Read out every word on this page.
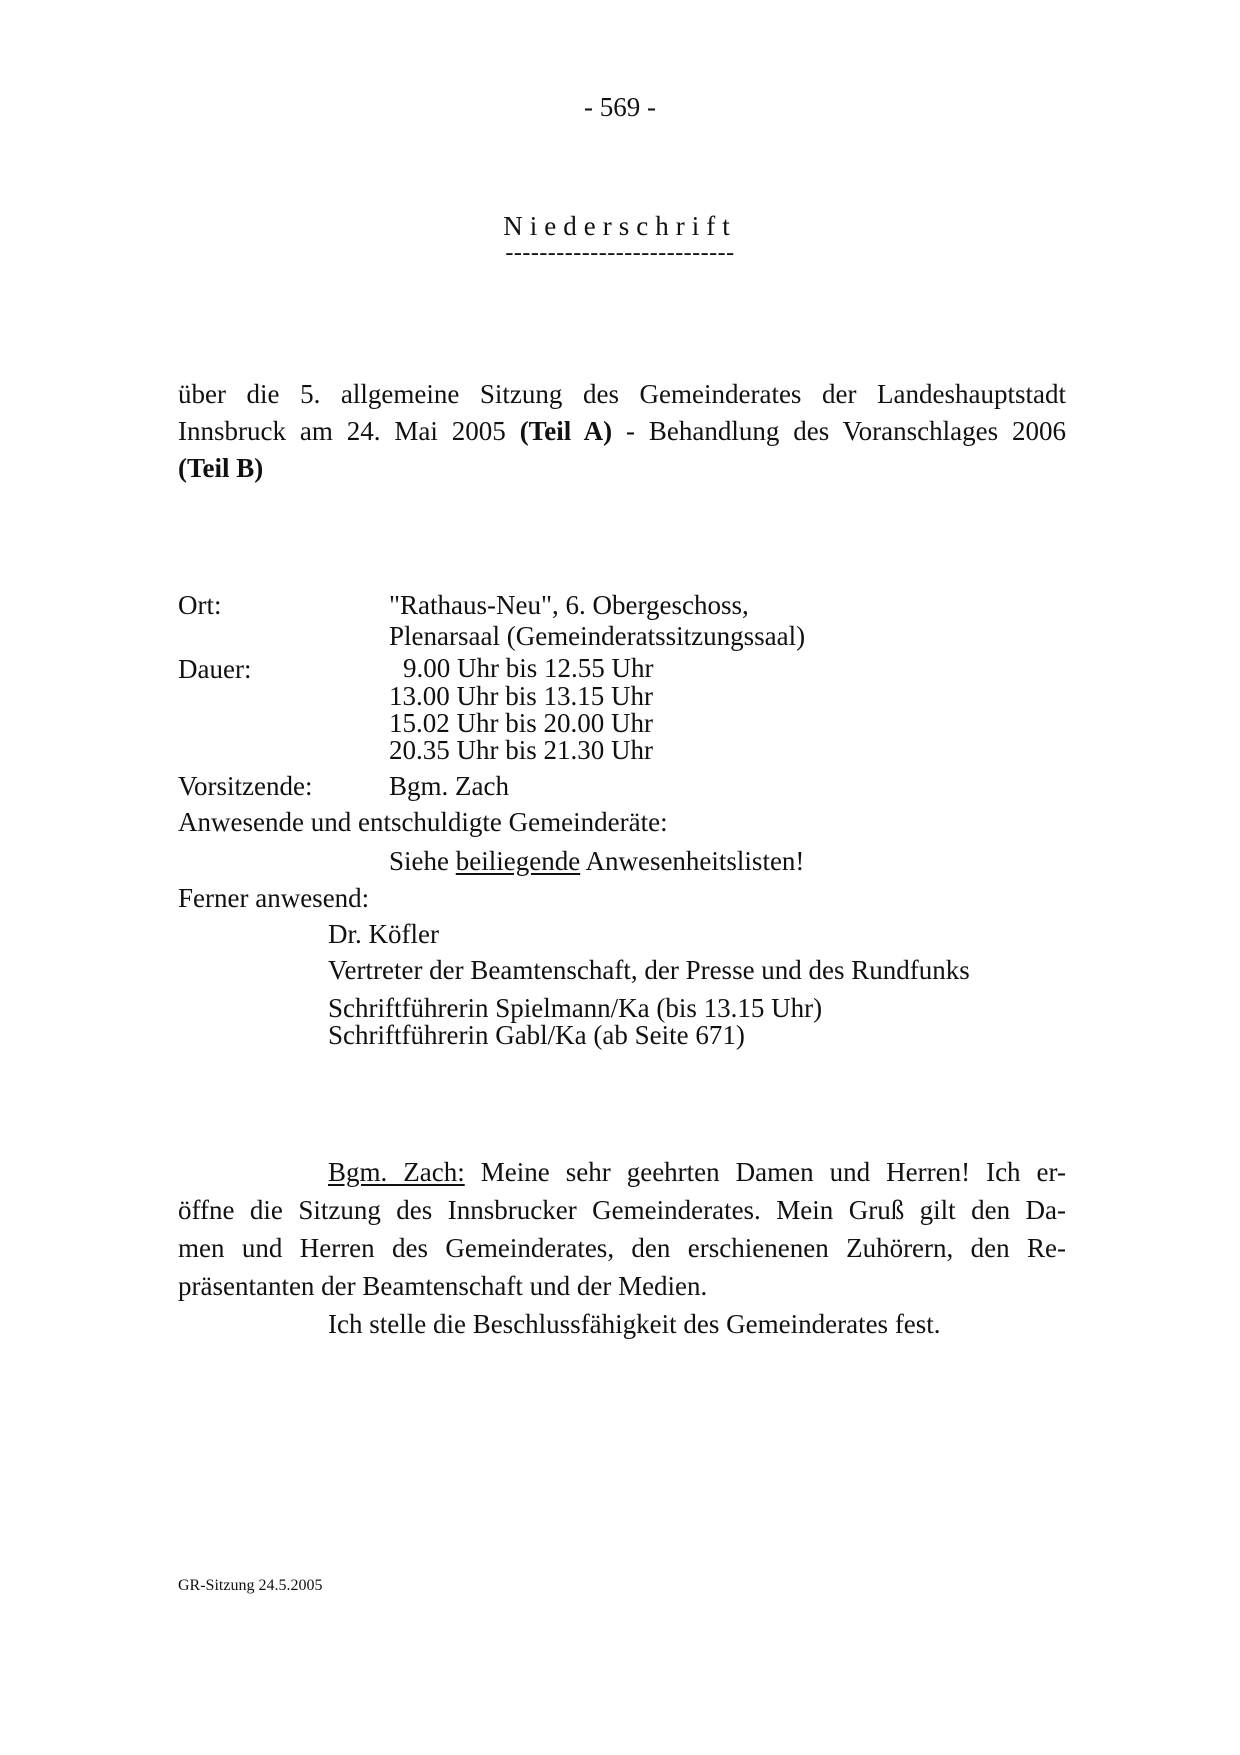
- 569 -
Niederschrift
---------------------------
über die 5. allgemeine Sitzung des Gemeinderates der Landeshauptstadt
Innsbruck am 24. Mai 2005 (Teil A) - Behandlung des Voranschlages 2006
(Teil B)
Ort:	"Rathaus-Neu", 6. Obergeschoss,
Plenarsaal (Gemeinderatssitzungssaal)
Dauer:	9.00 Uhr bis 12.55 Uhr
13.00 Uhr bis 13.15 Uhr
15.02 Uhr bis 20.00 Uhr
20.35 Uhr bis 21.30 Uhr
Vorsitzende:	Bgm. Zach
Anwesende und entschuldigte Gemeinderäte:
Siehe beiliegende Anwesenheitslisten!
Ferner anwesend:
Dr. Köfler
Vertreter der Beamtenschaft, der Presse und des Rundfunks
Schriftführerin Spielmann/Ka (bis 13.15 Uhr)
Schriftführerin Gabl/Ka (ab Seite 671)
Bgm. Zach: Meine sehr geehrten Damen und Herren! Ich er-
öffne die Sitzung des Innsbrucker Gemeinderates. Mein Gruß gilt den Da-
men und Herren des Gemeinderates, den erschienenen Zuhörern, den Re-
präsentanten der Beamtenschaft und der Medien.
Ich stelle die Beschlussfähigkeit des Gemeinderates fest.
GR-Sitzung 24.5.2005
